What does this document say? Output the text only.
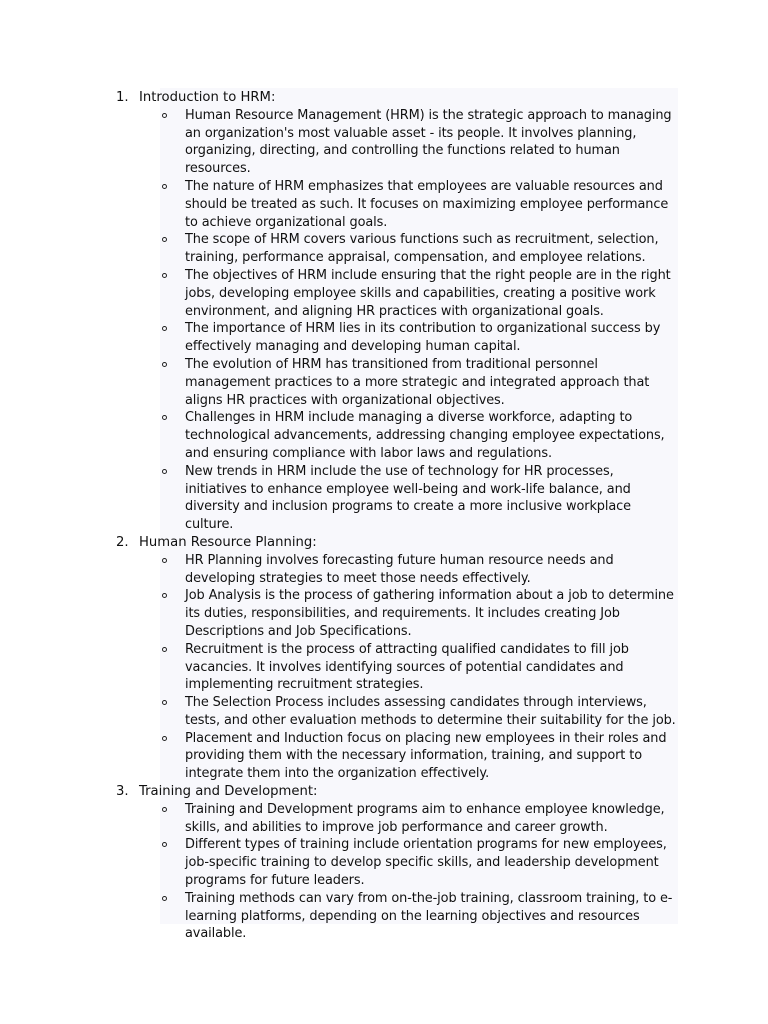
1. Introduction to HRM:
Human Resource Management (HRM) is the strategic approach to managing an organization's most valuable asset - its people. It involves planning, organizing, directing, and controlling the functions related to human resources.
The nature of HRM emphasizes that employees are valuable resources and should be treated as such. It focuses on maximizing employee performance to achieve organizational goals.
The scope of HRM covers various functions such as recruitment, selection, training, performance appraisal, compensation, and employee relations.
The objectives of HRM include ensuring that the right people are in the right jobs, developing employee skills and capabilities, creating a positive work environment, and aligning HR practices with organizational goals.
The importance of HRM lies in its contribution to organizational success by effectively managing and developing human capital.
The evolution of HRM has transitioned from traditional personnel management practices to a more strategic and integrated approach that aligns HR practices with organizational objectives.
Challenges in HRM include managing a diverse workforce, adapting to technological advancements, addressing changing employee expectations, and ensuring compliance with labor laws and regulations.
New trends in HRM include the use of technology for HR processes, initiatives to enhance employee well-being and work-life balance, and diversity and inclusion programs to create a more inclusive workplace culture.
2. Human Resource Planning:
HR Planning involves forecasting future human resource needs and developing strategies to meet those needs effectively.
Job Analysis is the process of gathering information about a job to determine its duties, responsibilities, and requirements. It includes creating Job Descriptions and Job Specifications.
Recruitment is the process of attracting qualified candidates to fill job vacancies. It involves identifying sources of potential candidates and implementing recruitment strategies.
The Selection Process includes assessing candidates through interviews, tests, and other evaluation methods to determine their suitability for the job.
Placement and Induction focus on placing new employees in their roles and providing them with the necessary information, training, and support to integrate them into the organization effectively.
3. Training and Development:
Training and Development programs aim to enhance employee knowledge, skills, and abilities to improve job performance and career growth.
Different types of training include orientation programs for new employees, job-specific training to develop specific skills, and leadership development programs for future leaders.
Training methods can vary from on-the-job training, classroom training, to e-learning platforms, depending on the learning objectives and resources available.
